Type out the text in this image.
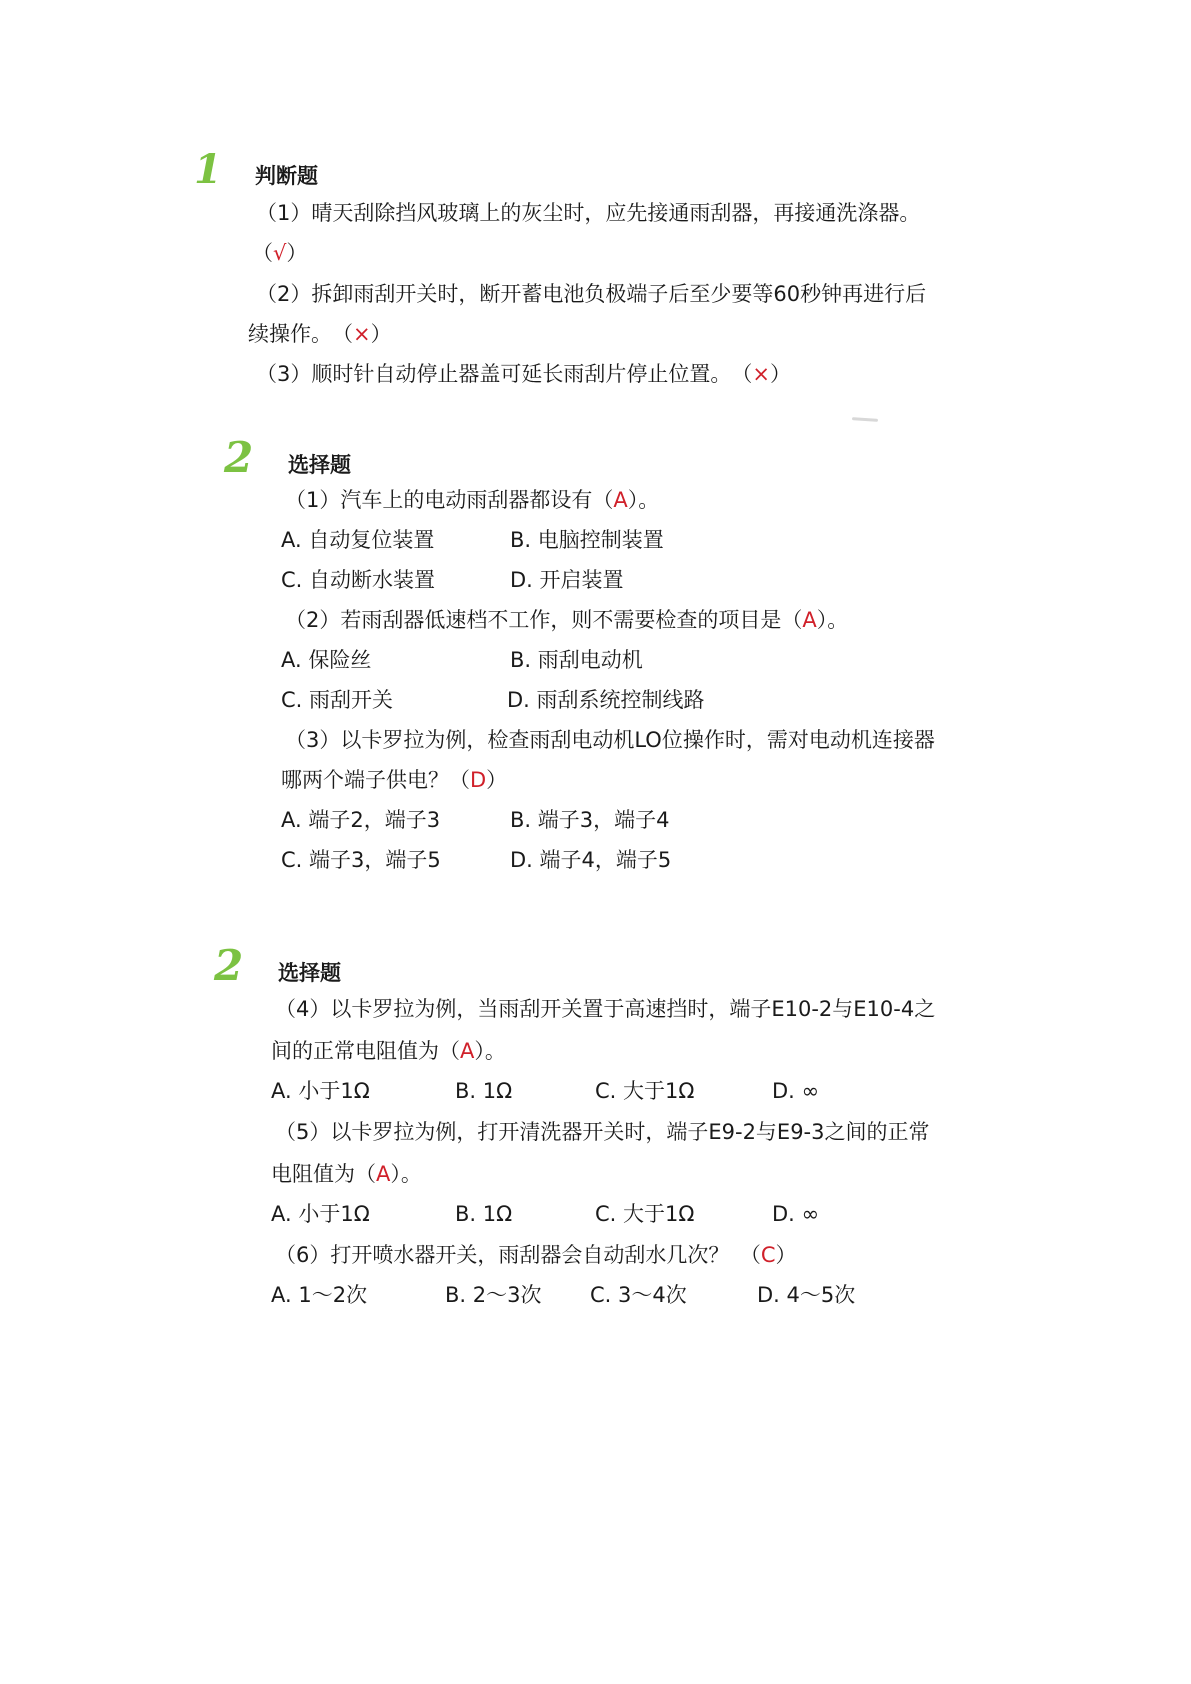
1 判断题
（1）晴天刮除挡风玻璃上的灰尘时，应先接通雨刮器，再接通洗涤器。
（√）
（2）拆卸雨刮开关时，断开蓄电池负极端子后至少要等60秒钟再进行后
续操作。　（×）
（3）顺时针自动停止器盖可延长雨刮片停止位置。　（×）
2 选择题
（1）汽车上的电动雨刮器都设有（A）。
A. 自动复位装置	B. 电脑控制装置
C. 自动断水装置	D. 开启装置
（2）若雨刮器低速档不工作，则不需要检查的项目是（A）。
A. 保险丝	B. 雨刮电动机
C. 雨刮开关	D. 雨刮系统控制线路
（3）以卡罗拉为例，检查雨刮电动机LO位操作时，需对电动机连接器
哪两个端子供电？（D）
A. 端子2，端子3	B. 端子3，端子4
C. 端子3，端子5	D. 端子4，端子5
2 选择题
（4）以卡罗拉为例，当雨刮开关置于高速挡时，端子E10-2与E10-4之
间的正常电阻值为（A）。
A. 小于1Ω	B. 1Ω	C. 大于1Ω	D. ∞
（5）以卡罗拉为例，打开清洗器开关时，端子E9-2与E9-3之间的正常
电阻值为（A）。
A. 小于1Ω	B. 1Ω	C. 大于1Ω	D. ∞
（6）打开喷水器开关，雨刮器会自动刮水几次？　（C）
A. 1～2次	B. 2～3次 C. 3～4次	D. 4～5次
